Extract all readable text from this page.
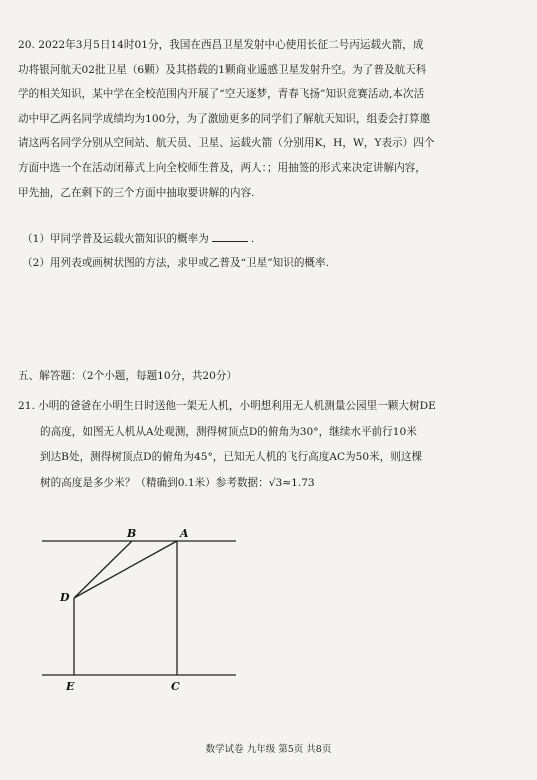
20. 2022年3月5日14时01分，我国在西昌卫星发射中心使用长征二号丙运载火箭，成
功将银河航天02批卫星（6颗）及其搭载的1颗商业遥感卫星发射升空。为了普及航天科
学的相关知识，某中学在全校范围内开展了“空天逐梦，青春飞扬”知识竞赛活动,本次活
动中甲乙两名同学成绩均为100分，为了激励更多的同学们了解航天知识，组委会打算邀
请这两名同学分别从空间站、航天员、卫星、运载火箭（分别用K，H，W，Y表示）四个
方面中选一个在活动闭幕式上向全校师生普及，两人：；用抽签的形式来决定讲解内容，
甲先抽，乙在剩下的三个方面中抽取要讲解的内容.
（1）甲同学普及运载火箭知识的概率为	.
（2）用列表或画树状图的方法，求甲或乙普及“卫星”知识的概率.
五、解答题：（2个小题，每题10分，共20分）
21. 小明的爸爸在小明生日时送他一架无人机，小明想利用无人机测量公园里一颗大树DE
的高度，如图无人机从A处观测，测得树顶点D的俯角为30°，继续水平前行10米
到达B处，测得树顶点D的俯角为45°，已知无人机的飞行高度AC为50米，则这棵
树的高度是多少米？（精确到0.1米）参考数据：√3≈1.73
B	A
D
E	C
数学试卷 九年级 第5页 共8页
